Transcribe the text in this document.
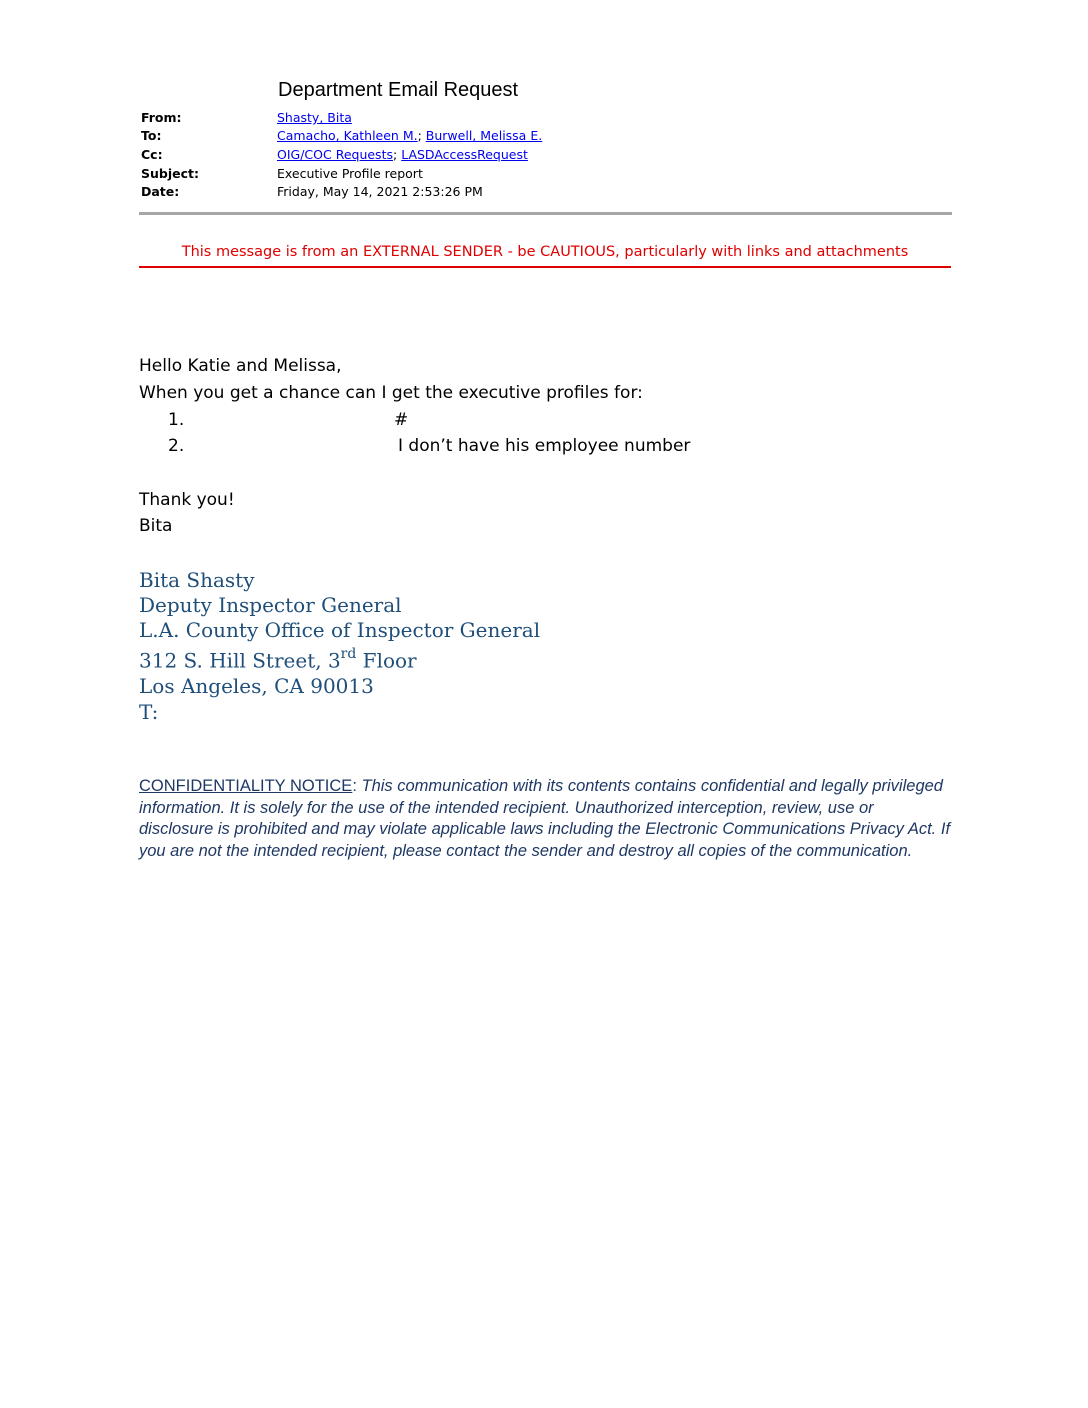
Department Email Request
From:	Shasty, Bita
To:	Camacho, Kathleen M.; Burwell, Melissa E.
Cc:	OIG/COC Requests; LASDAccessRequest
Subject:	Executive Profile report
Date:	Friday, May 14, 2021 2:53:26 PM
This message is from an EXTERNAL SENDER - be CAUTIOUS, particularly with links and attachments
Hello Katie and Melissa,
When you get a chance can I get the executive profiles for:
1.	#
2.	I don’t have his employee number
Thank you!
Bita
Bita Shasty
Deputy Inspector General
L.A. County Office of Inspector General
312 S. Hill Street, 3rd Floor
Los Angeles, CA 90013
T:
CONFIDENTIALITY NOTICE: This communication with its contents contains confidential and legally privileged information. It is solely for the use of the intended recipient. Unauthorized interception, review, use or disclosure is prohibited and may violate applicable laws including the Electronic Communications Privacy Act. If you are not the intended recipient, please contact the sender and destroy all copies of the communication.
